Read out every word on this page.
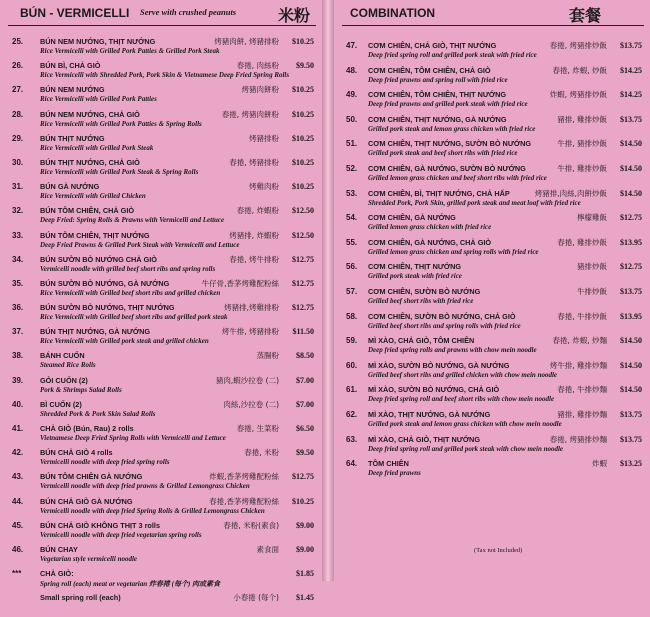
BÚN - VERMICELLI Serve with crushed peanuts	米粉
25. BÚN NEM NƯỚNG, THỊT NƯỚNG	烤豬肉餅, 烤豬排粉 $10.25
Rice Vermicelli with Grilled Pork Patties & Grilled Pork Steak
26. BÚN BÌ, CHẢ GIÒ	春捲, 肉絲粉 $9.50
Rice Vermicelli with Shredded Pork, Pork Skin & Vietnamese Deep Fried Spring Rolls
27. BÚN NEM NƯỚNG	烤豬肉餅粉 $10.25
Rice Vermicelli with Grilled Pork Patties
28. BÚN NEM NƯỚNG, CHẢ GIÒ	春捲, 烤豬肉餅粉 $10.25
Rice Vermicelli with Grilled Pork Patties & Spring Rolls
29. BÚN THỊT NƯỚNG	烤豬排粉 $10.25
Rice Vermicelli with Grilled Pork Steak
30. BÚN THỊT NƯỚNG, CHẢ GIÒ	春捲, 烤豬排粉 $10.25
Rice Vermicelli with Grilled Pork Steak & Spring Rolls
31. BÚN GÀ NƯỚNG	烤雞肉粉 $10.25
Rice Vermicelli with Grilled Chicken
32. BÚN TÔM CHIÊN, CHẢ GIÒ	春捲, 炸蝦粉 $12.50
Deep Fried: Spring Rolls & Prawns with Vermicelli and Lettuce
33. BÚN TÔM CHIÊN, THỊT NƯỚNG	烤豬排, 炸蝦粉 $12.50
Deep Fried Prawns & Grilled Pork Steak with Vermicelli and Lettuce
34. BÚN SƯỜN BÒ NƯỚNG CHẢ GIÒ	春捲, 烤牛排粉 $12.75
Vermicelli noodle with grilled beef short ribs and spring rolls
35. BÚN SƯỜN BÒ NƯỚNG, GÀ NƯỚNG	牛仔骨,香茅烤雞配粉絲 $12.75
Rice Vermicelli with Grilled beef short ribs and grilled chicken
36. BÚN SƯỜN BÒ NƯỚNG, THỊT NƯỚNG	烤豬排,烤雞排粉 $12.75
Rice Vermicelli with Grilled beef short ribs and grilled pork steak
37. BÚN THỊT NƯỚNG, GÀ NƯỚNG	烤牛排, 烤豬排粉 $11.50
Rice Vermicelli with Grilled pork steak and grilled chicken
38. BÁNH CUỐN	蒸腸粉 $8.50
Steamed Rice Rolls
39. GỎI CUỐN (2)	豬肉,蝦沙拉卷 (二) $7.00
Pork & Shrimps Salad Rolls
40. BÌ CUỐN (2)	肉絲,沙拉卷 (二) $7.00
Shredded Pork & Pork Skin Salad Rolls
41. CHẢ GIÒ (Bún, Rau) 2 rolls	春捲, 生菜粉 $6.50
Vietnamese Deep Fried Spring Rolls with Vermicelli and Lettuce
42. BÚN CHẢ GIÒ 4 rolls	春捲, 米粉 $9.50
Vermicelli noodle with deep fried spring rolls
43. BÚN TÔM CHIÊN GÀ NƯỚNG	炸蝦,香茅烤雞配粉絲 $12.75
Vermicelli noodle with deep fried prawns & Grilled Lemongrass Chicken
44. BÚN CHẢ GIÒ GÀ NƯỚNG	春捲,香茅烤雞配粉絲 $10.25
Vermicelli noodle with deep fried Spring Rolls & Grilled Lemongrass Chicken
45. BÚN CHẢ GIÒ KHÔNG THỊT 3 rolls	春捲, 米粉(素食) $9.00
Vermicelli noodle with deep fried vegetarian spring rolls
46. BÚN CHAY	素食面 $9.00
Vegetarian style vermicelli noodle
***	CHẢ GIÒ:	$1.85
Spring roll (each) meat or vegetarian 炸春捲 (每个) 肉或素食
Small spring roll (each)	小春捲 (每个) $1.45
COMBINATION	套餐
47. CƠM CHIÊN, CHẢ GIÒ, THỊT NƯỚNG	春捲, 烤豬排炒飯 $13.75
Deep fried spring roll and grilled pork steak with fried rice
48. CƠM CHIÊN, TÔM CHIÊN, CHẢ GIÒ	春捲, 炸蝦, 炒飯 $14.25
Deep fried prawns and spring roll with fried rice
49. CƠM CHIÊN, TÔM CHIÊN, THỊT NƯỚNG	炸蝦, 烤豬排炒飯 $14.25
Deep fried prawns and grilled pork steak with fried rice
50. CƠM CHIÊN, THỊT NƯỚNG, GÀ NƯỚNG	豬排, 雞排炒飯 $13.75
Grilled pork steak and lemon grass chicken with fried rice
51. CƠM CHIÊN, THỊT NƯỚNG, SƯỜN BÒ NƯỚNG	牛排, 豬排炒飯 $14.50
Grilled pork steak and beef short ribs with fried rice
52. CƠM CHIÊN, GÀ NƯỚNG, SƯỜN BÒ NƯỚNG	牛排, 雞排炒飯 $14.50
Grilled lemon grass chicken and beef short ribs with fried rice
53. CƠM CHIÊN, BÌ, THỊT NƯỚNG, CHẢ HẤP	烤豬排,肉絲,肉餅炒飯 $14.50
Shredded Pork, Pork Skin, grilled pork steak and meat loaf with fried rice
54. CƠM CHIÊN, GÀ NƯỚNG	檸檬雞飯 $12.75
Grilled lemon grass chicken with fried rice
55. CƠM CHIÊN, GÀ NƯỚNG, CHẢ GIÒ	春捲, 雞排炒飯 $13.95
Grilled lemon grass chicken and spring rolls with fried rice
56. CƠM CHIÊN, THỊT NƯỚNG	豬排炒飯 $12.75
Grilled pork steak with fried rice
57. CƠM CHIÊN, SƯỜN BÒ NƯỚNG	牛排炒飯 $13.75
Grilled beef short ribs with fried rice
58. CƠM CHIÊN, SƯỜN BÒ NƯỚNG, CHẢ GIÒ	春捲, 牛排炒飯 $13.95
Grilled beef short ribs and spring rolls with fried rice
59. MÌ XÀO, CHẢ GIÒ, TÔM CHIÊN	春捲, 炸蝦, 炒麵 $14.50
Deep fried spring rolls and prawns with chow mein noodle
60. MÌ XÀO, SƯỜN BÒ NƯỚNG, GÀ NƯỚNG	烤牛排, 雞排炒麵 $14.50
Grilled beef short ribs and grilled chicken with chow mein noodle
61. MÌ XÀO, SƯỜN BÒ NƯỚNG, CHẢ GIÒ	春捲, 牛排炒麵 $14.50
Deep fried spring roll and beef short ribs with chow mein noodle
62. MÌ XÀO, THỊT NƯỚNG, GÀ NƯỚNG	豬排, 雞排炒麵 $13.75
Grilled pork steak and lemon grass chicken with chow mein noodle
63. MÌ XÀO, CHẢ GIÒ, THỊT NƯỚNG	春捲, 烤豬排炒麵 $13.75
Deep fried spring roll and grilled pork steak with chow mein noodle
64. TÔM CHIÊN	炸蝦 $13.25
Deep fried prawns
(Tax not Included)
